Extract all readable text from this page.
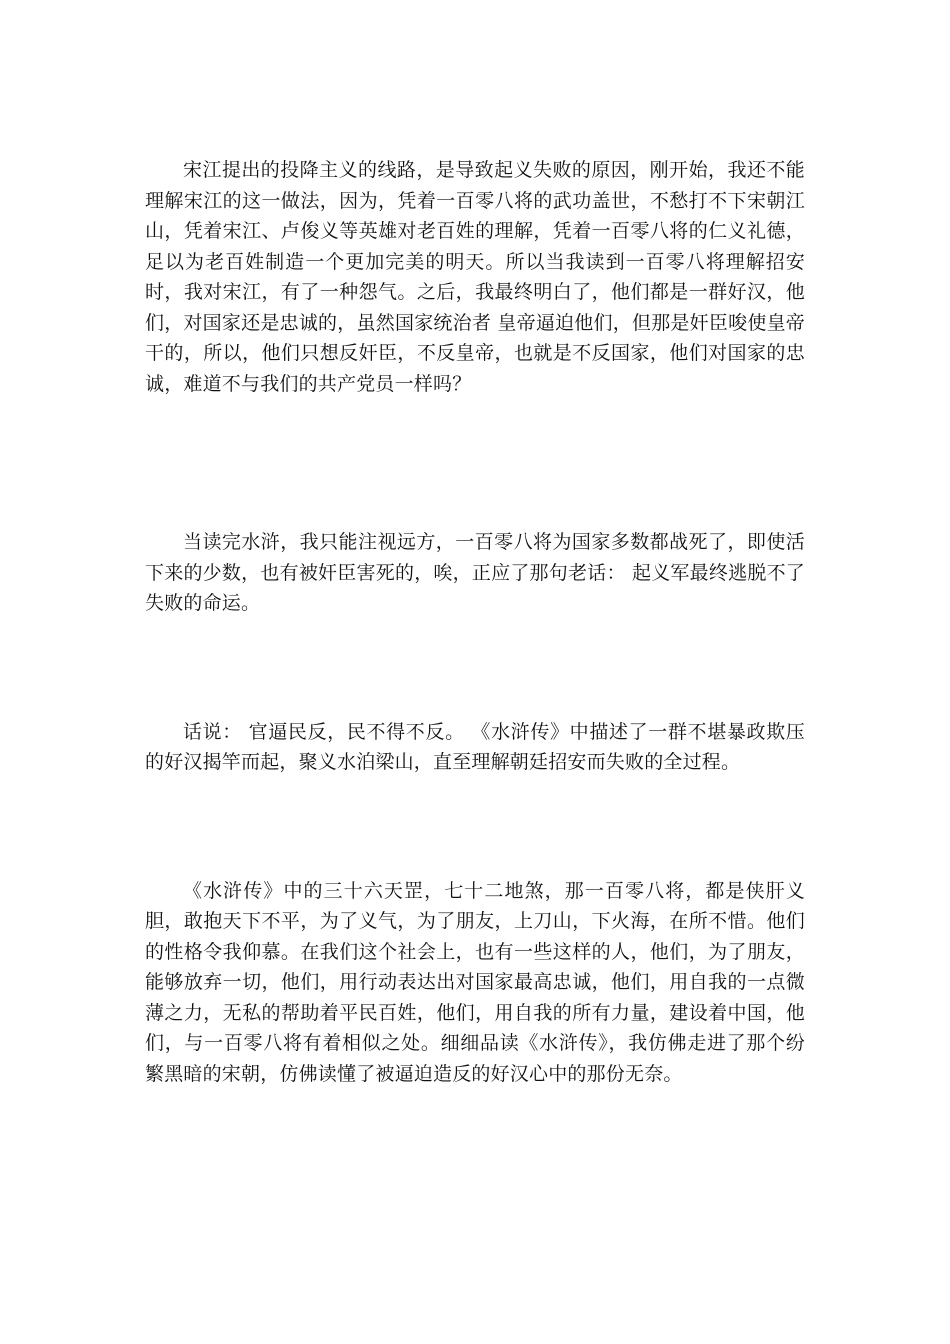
宋江提出的投降主义的线路，是导致起义失败的原因，刚开始，我还不能理解宋江的这一做法，因为，凭着一百零八将的武功盖世，不愁打不下宋朝江山，凭着宋江、卢俊义等英雄对老百姓的理解，凭着一百零八将的仁义礼德，足以为老百姓制造一个更加完美的明天。所以当我读到一百零八将理解招安时，我对宋江，有了一种怨气。之后，我最终明白了，他们都是一群好汉，他们，对国家还是忠诚的，虽然国家统治者 皇帝逼迫他们，但那是奸臣唆使皇帝干的，所以，他们只想反奸臣，不反皇帝，也就是不反国家，他们对国家的忠诚，难道不与我们的共产党员一样吗？

当读完水浒，我只能注视远方，一百零八将为国家多数都战死了，即使活下来的少数，也有被奸臣害死的，唉，正应了那句老话： 起义军最终逃脱不了失败的命运。

话说： 官逼民反，民不得不反。 《水浒传》中描述了一群不堪暴政欺压的好汉揭竿而起，聚义水泊梁山，直至理解朝廷招安而失败的全过程。

《水浒传》中的三十六天罡，七十二地煞，那一百零八将，都是侠肝义胆，敢抱天下不平，为了义气，为了朋友，上刀山，下火海，在所不惜。他们的性格令我仰慕。在我们这个社会上，也有一些这样的人，他们，为了朋友，能够放弃一切，他们，用行动表达出对国家最高忠诚，他们，用自我的一点微薄之力，无私的帮助着平民百姓，他们，用自我的所有力量，建设着中国，他们，与一百零八将有着相似之处。细细品读《水浒传》，我仿佛走进了那个纷繁黑暗的宋朝，仿佛读懂了被逼迫造反的好汉心中的那份无奈。
